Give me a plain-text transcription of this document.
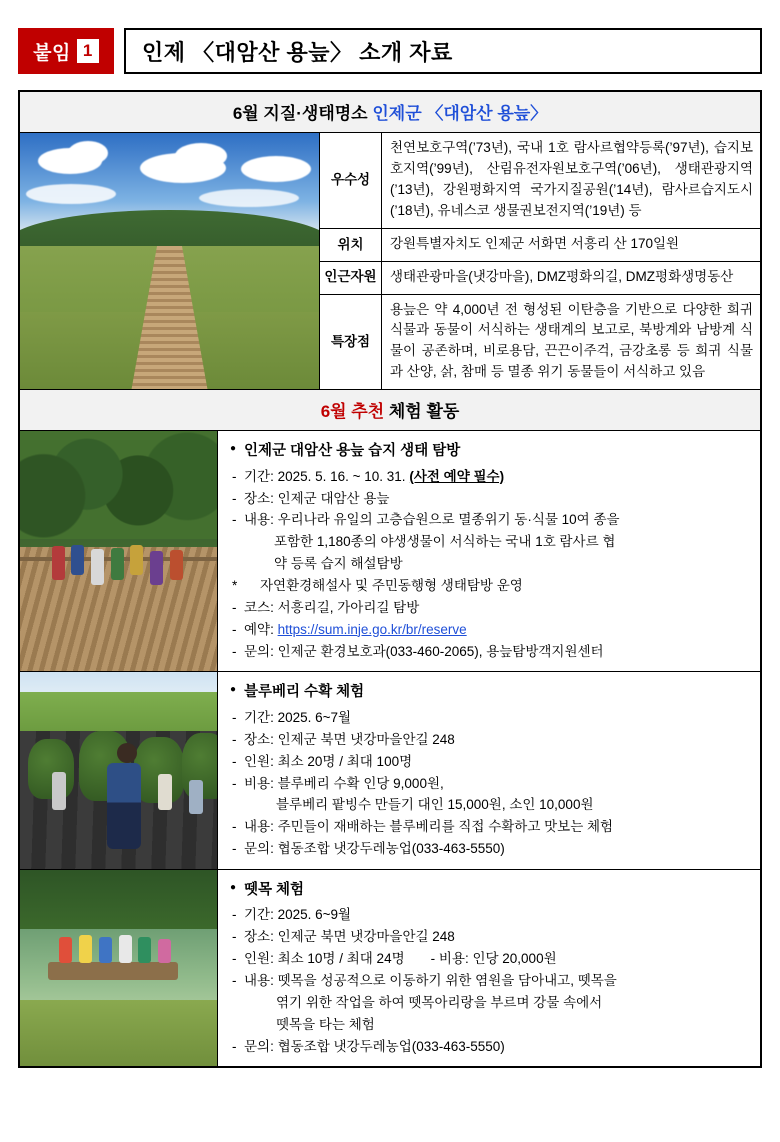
붙임 1	인제 〈대암산 용늪〉 소개 자료
6월 지질·생태명소 인제군 〈대암산 용늪〉
우수성
천연보호구역(’73년), 국내 1호 람사르협약등록(’97년), 습지보호지역(’99년), 산림유전자원보호구역(’06년), 생태관광지역(’13년), 강원평화지역 국가지질공원(’14년), 람사르습지도시(’18년), 유네스코 생물권보전지역(’19년) 등
위치	강원특별자치도 인제군 서화면 서흥리 산 170일원
인근자원 생태관광마을(냇강마을), DMZ평화의길, DMZ평화생명동산
특장점
용늪은 약 4,000년 전 형성된 이탄층을 기반으로 다양한 희귀 식물과 동물이 서식하는 생태계의 보고로, 북방계와 남방계 식물이 공존하며, 비로용담, 끈끈이주걱, 금강초롱 등 희귀 식물과 산양, 삵, 참매 등 멸종 위기 동물들이 서식하고 있음
6월 추천 체험 활동
● 인제군 대암산 용늪 습지 생태 탐방
- 기간: 2025. 5. 16. ~ 10. 31. (사전 예약 필수)
- 장소: 인제군 대암산 용늪
- 내용: 우리나라 유일의 고층습원으로 멸종위기 동·식물 10여 종을
포함한 1,180종의 야생생물이 서식하는 국내 1호 람사르 협
약 등록 습지 해설탐방
* 자연환경해설사 및 주민동행형 생태탐방 운영
- 코스: 서흥리길, 가아리길 탐방
- 예약: https://sum.inje.go.kr/br/reserve
- 문의: 인제군 환경보호과(033-460-2065), 용늪탐방객지원센터
● 블루베리 수확 체험
- 기간: 2025. 6~7월
- 장소: 인제군 북면 냇강마을안길 248
- 인원: 최소 20명 / 최대 100명
- 비용: 블루베리 수확 인당 9,000원,
블루베리 팥빙수 만들기 대인 15,000원, 소인 10,000원
- 내용: 주민들이 재배하는 블루베리를 직접 수확하고 맛보는 체험
- 문의: 협동조합 냇강두레농업(033-463-5550)
● 뗏목 체험
- 기간: 2025. 6~9월
- 장소: 인제군 북면 냇강마을안길 248
- 인원: 최소 10명 / 최대 24명 - 비용: 인당 20,000원
- 내용: 뗏목을 성공적으로 이동하기 위한 염원을 담아내고, 뗏목을
엮기 위한 작업을 하여 뗏목아리랑을 부르며 강물 속에서
뗏목을 타는 체험
- 문의: 협동조합 냇강두레농업(033-463-5550)
